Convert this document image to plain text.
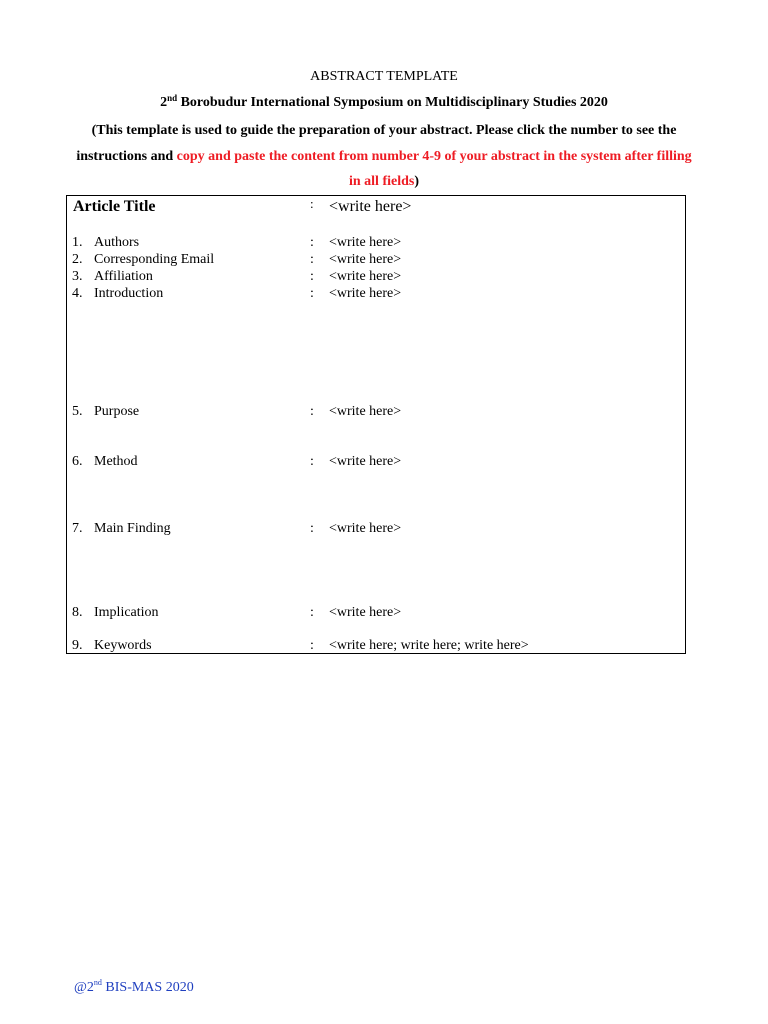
ABSTRACT TEMPLATE
2nd Borobudur International Symposium on Multidisciplinary Studies 2020
(This template is used to guide the preparation of your abstract. Please click the number to see the instructions and copy and paste the content from number 4-9 of your abstract in the system after filling in all fields)
Article Title	: <write here>
1. Authors	: <write here>
2. Corresponding Email	: <write here>
3. Affiliation	: <write here>
4. Introduction	: <write here>
5. Purpose	: <write here>
6. Method	: <write here>
7. Main Finding	: <write here>
8. Implication	: <write here>
9. Keywords	: <write here; write here; write here>
@2nd BIS-MAS 2020
